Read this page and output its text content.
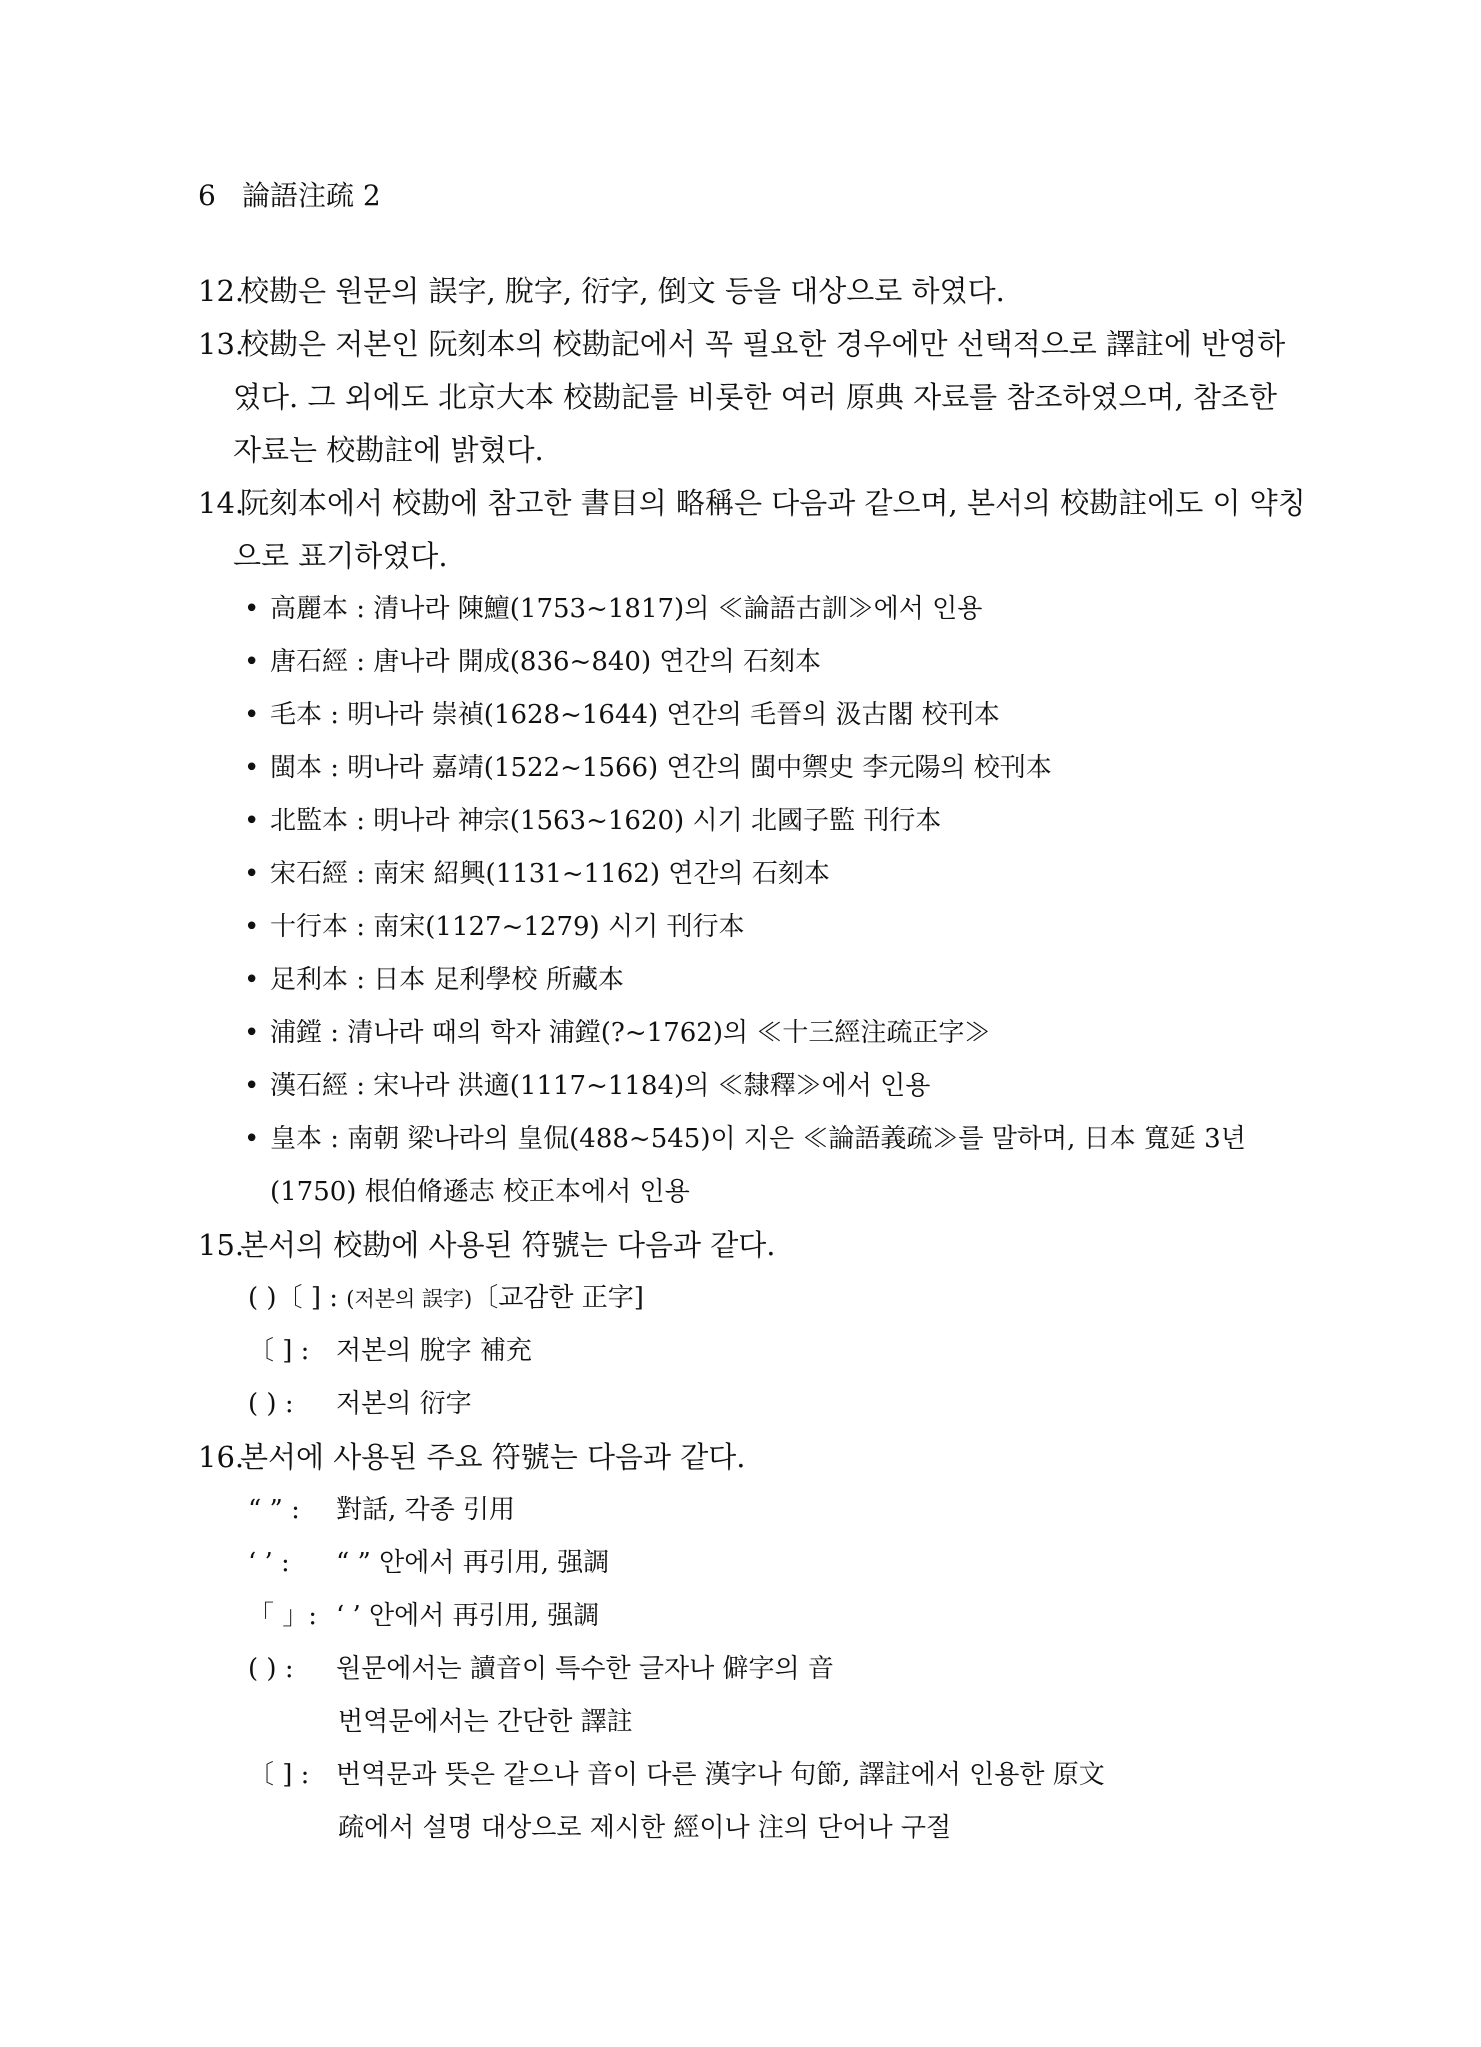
6 論語注疏 2
12.校勘은 원문의 誤字, 脫字, 衍字, 倒文 등을 대상으로 하였다.
13.校勘은 저본인 阮刻本의 校勘記에서 꼭 필요한 경우에만 선택적으로 譯註에 반영하
였다. 그 외에도 北京大本 校勘記를 비롯한 여러 原典 자료를 참조하였으며, 참조한
자료는 校勘註에 밝혔다.
14.阮刻本에서 校勘에 참고한 書目의 略稱은 다음과 같으며, 본서의 校勘註에도 이 약칭
으로 표기하였다.
• 高麗本 : 清나라 陳鱣(1753~1817)의 ≪論語古訓≫에서 인용
• 唐石經 : 唐나라 開成(836~840) 연간의 石刻本
• 毛本 : 明나라 崇禎(1628~1644) 연간의 毛晉의 汲古閣 校刊本
• 閩本 : 明나라 嘉靖(1522~1566) 연간의 閩中禦史 李元陽의 校刊本
• 北監本 : 明나라 神宗(1563~1620) 시기 北國子監 刊行本
• 宋石經 : 南宋 紹興(1131~1162) 연간의 石刻本
• 十行本 : 南宋(1127~1279) 시기 刊行本
• 足利本 : 日本 足利學校 所藏本
• 浦鏜 : 清나라 때의 학자 浦鏜(?~1762)의 ≪十三經注疏正字≫
• 漢石經 : 宋나라 洪適(1117~1184)의 ≪隸釋≫에서 인용
• 皇本 : 南朝 梁나라의 皇侃(488~545)이 지은 ≪論語義疏≫를 말하며, 日本 寬延 3년
(1750) 根伯脩遜志 校正本에서 인용
15.본서의 校勘에 사용된 符號는 다음과 같다.
( )〔 ] : (저본의 誤字)〔교감한 正字]
〔 ] : 저본의 脫字 補充
( ) : 저본의 衍字
16.본서에 사용된 주요 符號는 다음과 같다.
“ ” : 對話, 각종 引用
‘ ’ : “ ” 안에서 再引用, 强調
「 」: ‘ ’ 안에서 再引用, 强調
( ) : 원문에서는 讀音이 특수한 글자나 僻字의 音
번역문에서는 간단한 譯註
〔 ] : 번역문과 뜻은 같으나 音이 다른 漢字나 句節, 譯註에서 인용한 原文
疏에서 설명 대상으로 제시한 經이나 注의 단어나 구절
